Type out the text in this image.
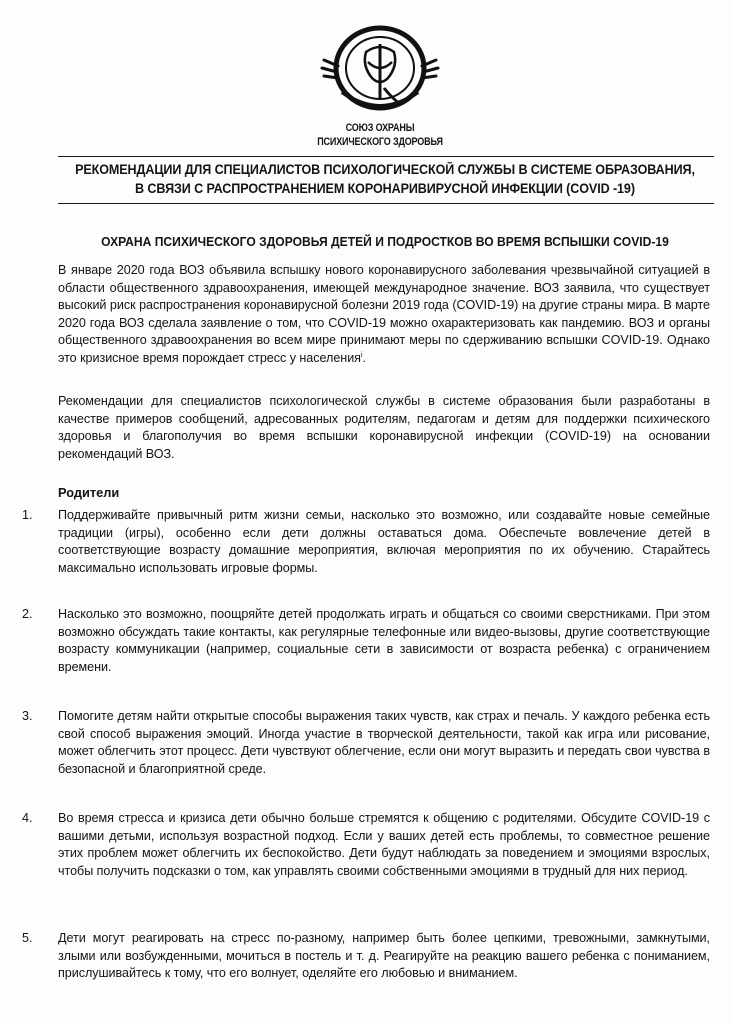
СОЮЗ ОХРАНЫ
ПСИХИЧЕСКОГО ЗДОРОВЬЯ
РЕКОМЕНДАЦИИ ДЛЯ СПЕЦИАЛИСТОВ ПСИХОЛОГИЧЕСКОЙ СЛУЖБЫ В СИСТЕМЕ ОБРАЗОВАНИЯ,
В СВЯЗИ С РАСПРОСТРАНЕНИЕМ КОРОНАРИВИРУСНОЙ ИНФЕКЦИИ (COVID -19)
ОХРАНА ПСИХИЧЕСКОГО ЗДОРОВЬЯ ДЕТЕЙ И ПОДРОСТКОВ ВО ВРЕМЯ ВСПЫШКИ COVID-19
В январе 2020 года ВОЗ объявила вспышку нового коронавирусного заболевания чрезвычайной ситуацией в области общественного здравоохранения, имеющей международное значение. ВОЗ заявила, что существует высокий риск распространения коронавирусной болезни 2019 года (COVID-19) на другие страны мира. В марте 2020 года ВОЗ сделала заявление о том, что COVID-19 можно охарактеризовать как пандемию. ВОЗ и органы общественного здравоохранения во всем мире принимают меры по сдерживанию вспышки COVID-19. Однако это кризисное время порождает стресс у населения$^i$.
Рекомендации для специалистов психологической службы в системе образования были разработаны в качестве примеров сообщений, адресованных родителям, педагогам и детям для поддержки психического здоровья и благополучия во время вспышки коронавирусной инфекции (COVID-19) на основании рекомендаций ВОЗ.
Родители
1.	Поддерживайте привычный ритм жизни семьи, насколько это возможно, или создавайте новые семейные традиции (игры), особенно если дети должны оставаться дома. Обеспечьте вовлечение детей в соответствующие возрасту домашние мероприятия, включая мероприятия по их обучению. Старайтесь максимально использовать игровые формы.
2.	Насколько это возможно, поощряйте детей продолжать играть и общаться со своими сверстниками. При этом возможно обсуждать такие контакты, как регулярные телефонные или видео-вызовы, другие соответствующие возрасту коммуникации (например, социальные сети в зависимости от возраста ребенка) с ограничением времени.
3.	Помогите детям найти открытые способы выражения таких чувств, как страх и печаль. У каждого ребенка есть свой способ выражения эмоций. Иногда участие в творческой деятельности, такой как игра или рисование, может облегчить этот процесс. Дети чувствуют облегчение, если они могут выразить и передать свои чувства в безопасной и благоприятной среде.
4.	Во время стресса и кризиса дети обычно больше стремятся к общению с родителями. Обсудите COVID-19 с вашими детьми, используя возрастной подход. Если у ваших детей есть проблемы, то совместное решение этих проблем может облегчить их беспокойство. Дети будут наблюдать за поведением и эмоциями взрослых, чтобы получить подсказки о том, как управлять своими собственными эмоциями в трудный для них период.
5.	Дети могут реагировать на стресс по-разному, например быть более цепкими, тревожными, замкнутыми, злыми или возбужденными, мочиться в постель и т. д. Реагируйте на реакцию вашего ребенка с пониманием, прислушивайтесь к тому, что его волнует, оделяйте его любовью и вниманием.
